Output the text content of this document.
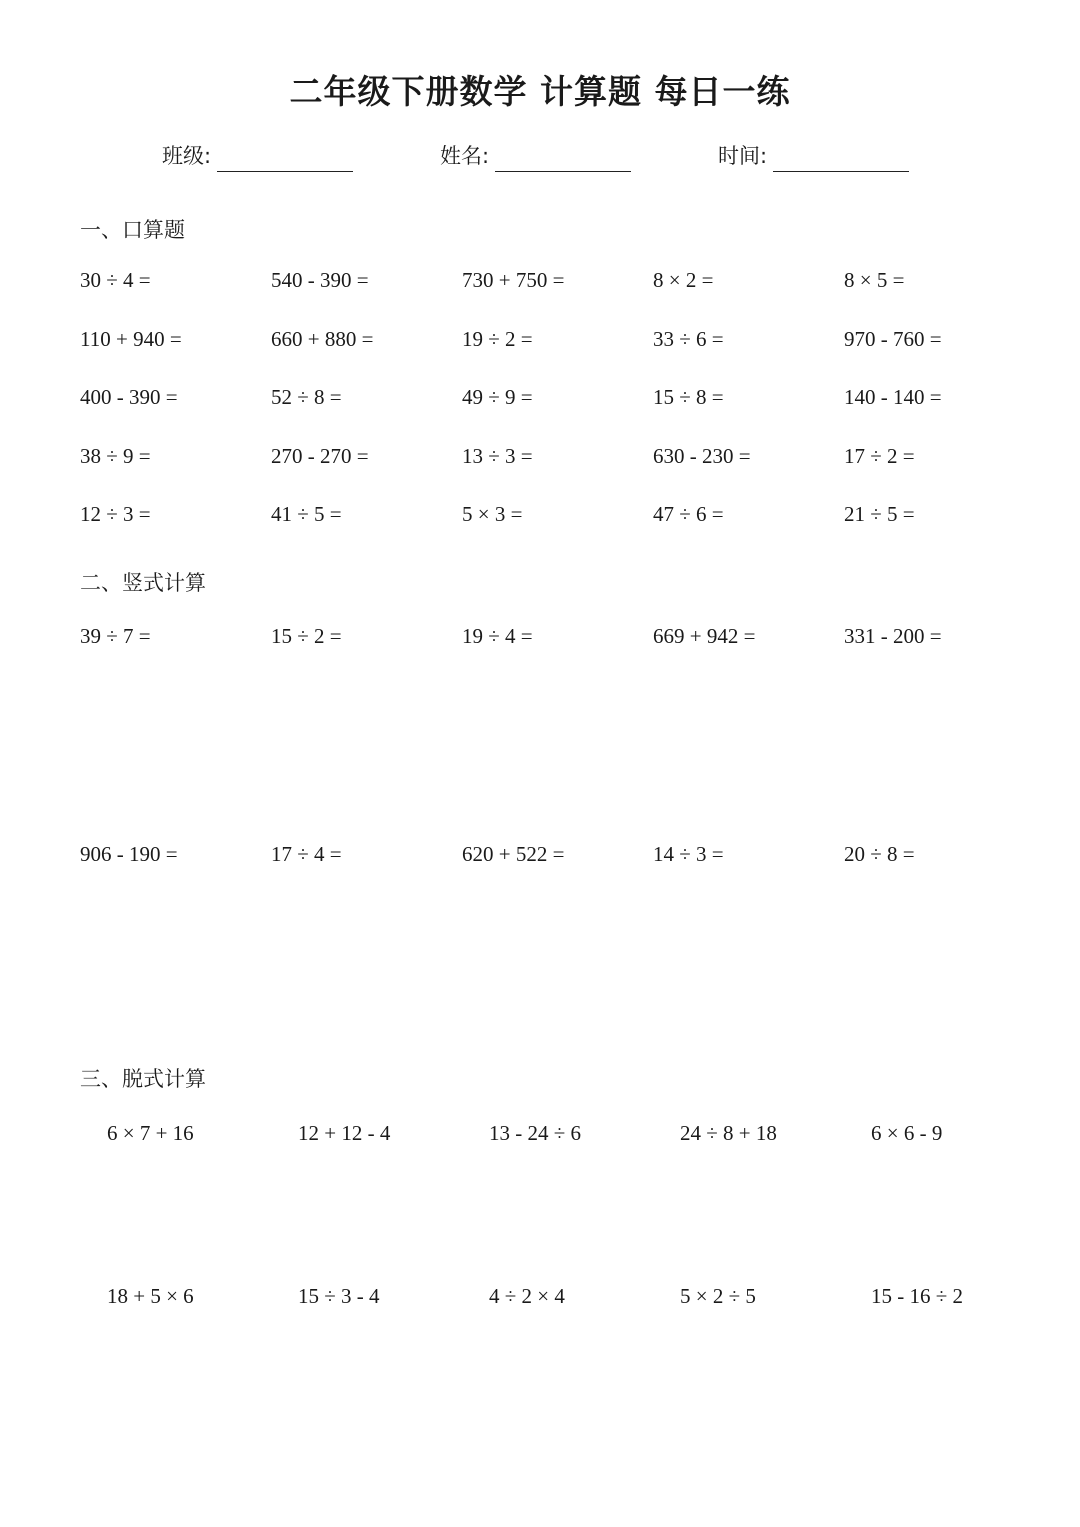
二年级下册数学 计算题 每日一练
班级:	姓名:	时间:
一、口算题
30 ÷ 4 =	540 - 390 =	730 + 750 =	8 × 2 =	8 × 5 =
110 + 940 =	660 + 880 =	19 ÷ 2 =	33 ÷ 6 =	970 - 760 =
400 - 390 =	52 ÷ 8 =	49 ÷ 9 =	15 ÷ 8 =	140 - 140 =
38 ÷ 9 =	270 - 270 =	13 ÷ 3 =	630 - 230 =	17 ÷ 2 =
12 ÷ 3 =	41 ÷ 5 =	5 × 3 =	47 ÷ 6 =	21 ÷ 5 =
二、竖式计算
39 ÷ 7 =	15 ÷ 2 =	19 ÷ 4 =	669 + 942 =	331 - 200 =
906 - 190 =	17 ÷ 4 =	620 + 522 =	14 ÷ 3 =	20 ÷ 8 =
三、脱式计算
6 × 7 + 16	12 + 12 - 4	13 - 24 ÷ 6	24 ÷ 8 + 18	6 × 6 - 9
18 + 5 × 6	15 ÷ 3 - 4	4 ÷ 2 × 4	5 × 2 ÷ 5	15 - 16 ÷ 2
